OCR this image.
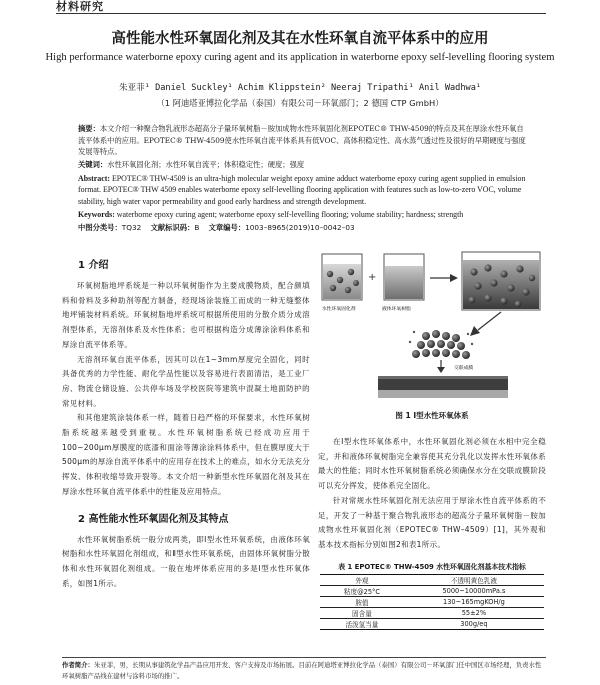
材料研究
高性能水性环氧固化剂及其在水性环氧自流平体系中的应用
High performance waterborne epoxy curing agent and its application in waterborne epoxy self-levelling flooring system
朱亚菲¹ Daniel Suckley¹ Achim Klippstein² Neeraj Tripathi¹ Anil Wadhwa¹
（1 阿迪塔亚博拉化学品（泰国）有限公司－环氧部门；2 德国 CTP GmbH）
摘要：本文介绍一种聚合物乳液形态超高分子量环氧树脂－胺加成物水性环氧固化剂EPOTEC® THW-4509的特点及其在厚涂水性环氧自流平体系中的应用。EPOTEC® THW-4509使水性环氧自流平体系具有低VOC、高体积稳定性、高水蒸气透过性及很好的早期硬度与强度发展等特点。
关键词：水性环氧固化剂；水性环氧自流平；体积稳定性；硬度；强度
Abstract: EPOTEC® THW-4509 is an ultra-high molecular weight epoxy amine adduct waterborne epoxy curing agent supplied in emulsion format. EPOTEC® THW 4509 enables waterborne epoxy self-levelling flooring application with features such as low-to-zero VOC, volume stability, high water vapor permeability and good early hardness and strength development.
Keywords: waterborne epoxy curing agent; waterborne epoxy self-levelling flooring; volume stability; hardness; strength
中图分类号：TQ32 文献标识码：B 文章编号：1003–8965(2019)10–0042–03
1 介绍

环氧树脂地坪系统是一种以环氧树脂作为主要成膜物质，配合颜填料和骨料及多种助剂等配方制备，经现场涂装施工而成的一种无缝整体地坪铺装材料系统。环氧树脂地坪系统可根据所使用的分散介质分成溶剂型体系，无溶剂体系及水性体系；也可根据构造分成薄涂涂料体系和厚涂自流平体系等。

无溶剂环氧自流平体系，因其可以在1~3mm厚度完全固化，同时具备优秀的力学性能、耐化学品性能以及容易进行表面清洁，是工业厂房、物流仓储设施、公共停车场及学校医院等建筑中混凝土地面防护的常见材料。

和其他建筑涂装体系一样，随着日趋严格的环保要求，水性环氧树脂系统越来越受到重视。水性环氧树脂系统已经成功应用于100~200μm厚膜度的底漆和面涂等薄涂涂料体系中，但在膜厚度大于500μm的厚涂自流平体系中的应用存在技术上的难点，如水分无法充分挥发、体积收缩导致开裂等。本文介绍一种新型水性环氧固化剂及其在厚涂水性环氧自流平体系中的性能及应用特点。

2 高性能水性环氧固化剂及其特点

水性环氧树脂系统一般分成两类，即Ⅰ型水性环氧系统，由液体环氧树脂和水性环氧固化剂组成，和Ⅱ型水性环氧系统，由固体环氧树脂分散体和水性环氧固化剂组成。一般在地坪体系应用的多是Ⅰ型水性环氧体系，如图1所示。

水性环氧固化剂
+
液体环氧树脂
交联成膜
图 1 Ⅰ型水性环氧体系

在Ⅰ型水性环氧体系中，水性环氧固化剂必须在水相中完全稳定，并和液体环氧树脂完全兼容使其充分乳化以发挥水性环氧体系最大的性能；同时水性环氧树脂系统必须确保水分在交联成膜阶段可以充分挥发，使体系完全固化。

针对常规水性环氧固化剂无法应用于厚涂水性自流平体系的不足，开发了一种基于聚合物乳液形态的超高分子量环氧树脂－胺加成物水性环氧固化剂（EPOTEC® THW–4509）[1]，其外观和基本技术指标分别如图2和表1所示。

表 1 EPOTEC® THW-4509 水性环氧固化剂基本技术指标
外观	不透明黄色乳液
粘度@25°C	5000~10000mPa.s
胺值	130~165mgKOH/g
固含量	55±2%
活泼氢当量	300g/eq
作者简介：朱亚菲，男，长期从事建筑化学品产品应用开发、客户支持及市场拓展。目前在阿迪塔亚博拉化学品（泰国）有限公司－环氧部门任中国区市场经理，负责水性环氧树脂产品线在建材与涂料市场的推广。
